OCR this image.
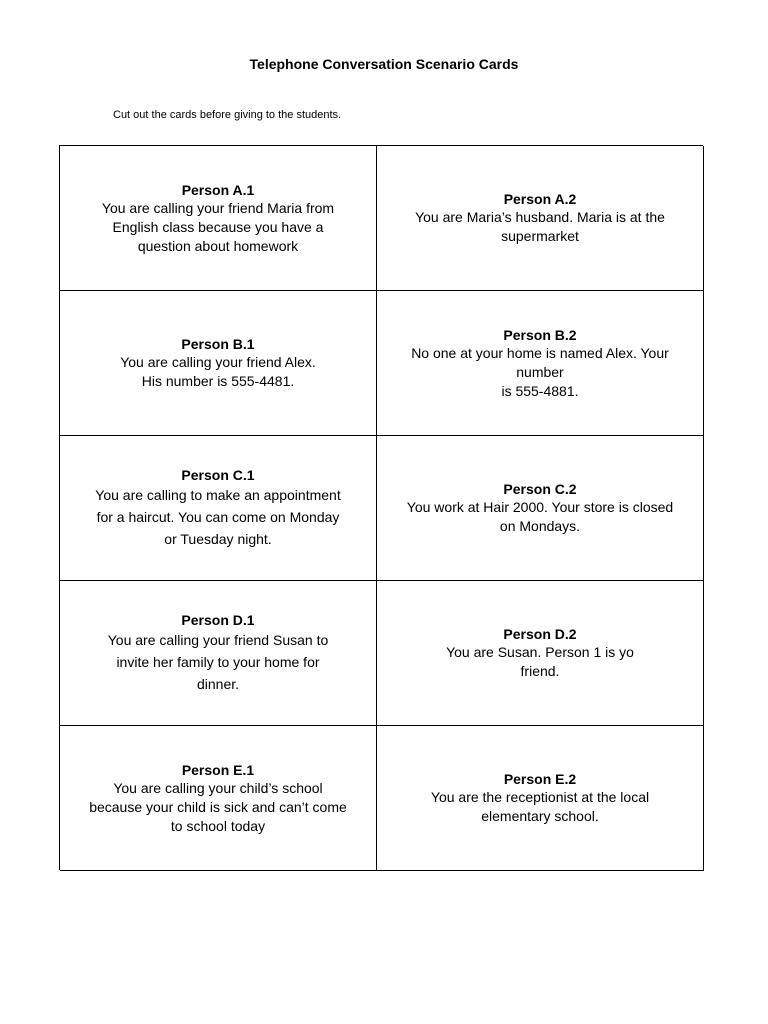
Telephone Conversation Scenario Cards
Cut out the cards before giving to the students.
Person A.1
You are calling your friend Maria from
English class because you have a
question about homework
Person A.2
You are Maria’s husband. Maria is at the
supermarket
Person B.1
You are calling your friend Alex.
His number is 555-4481.
Person B.2
No one at your home is named Alex. Your
number
is 555-4881.
Person C.1
You are calling to make an appointment
for a haircut. You can come on Monday
or Tuesday night.
Person C.2
You work at Hair 2000. Your store is closed
on Mondays.
Person D.1
You are calling your friend Susan to
invite her family to your home for
dinner.
Person D.2
You are Susan. Person 1 is yo
friend.
Person E.1
You are calling your child’s school
because your child is sick and can’t come
to school today
Person E.2
You are the receptionist at the local
elementary school.
